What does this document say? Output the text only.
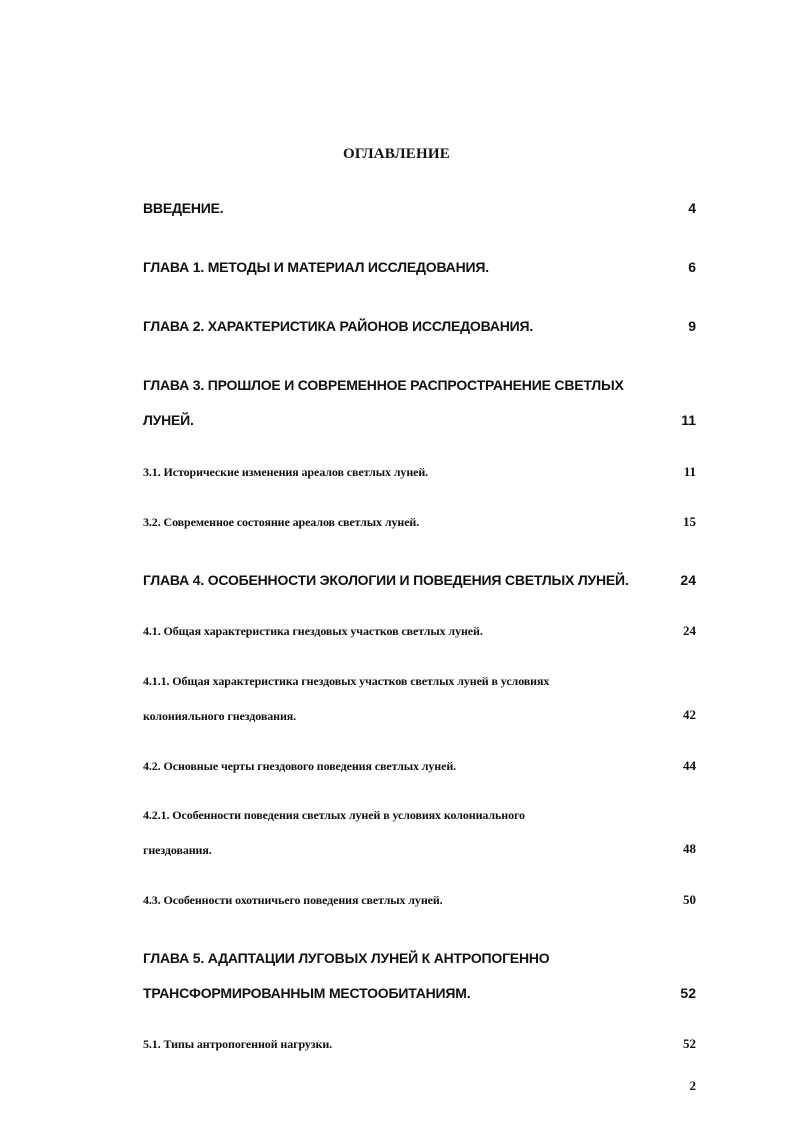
ОГЛАВЛЕНИЕ
ВВЕДЕНИЕ.	4
ГЛАВА 1. МЕТОДЫ И МАТЕРИАЛ ИССЛЕДОВАНИЯ.	6
ГЛАВА 2. ХАРАКТЕРИСТИКА РАЙОНОВ ИССЛЕДОВАНИЯ.	9
ГЛАВА 3. ПРОШЛОЕ И СОВРЕМЕННОЕ РАСПРОСТРАНЕНИЕ СВЕТЛЫХ
ЛУНЕЙ.	11
3.1. Исторические изменения ареалов светлых луней.	11
3.2. Современное состояние ареалов светлых луней.	15
ГЛАВА 4. ОСОБЕННОСТИ ЭКОЛОГИИ И ПОВЕДЕНИЯ СВЕТЛЫХ ЛУНЕЙ.	24
4.1. Общая характеристика гнездовых участков светлых луней.	24
4.1.1. Общая характеристика гнездовых участков светлых луней в условиях
колонияльного гнездования.	42
4.2. Основные черты гнездового поведения светлых луней.	44
4.2.1. Особенности поведения светлых луней в условиях колониального
гнездования.	48
4.3. Особенности охотничьего поведения светлых луней.	50
ГЛАВА 5. АДАПТАЦИИ ЛУГОВЫХ ЛУНЕЙ К АНТРОПОГЕННО
ТРАНСФОРМИРОВАННЫМ МЕСТООБИТАНИЯМ.	52
5.1. Типы антропогенной нагрузки.	52
2
